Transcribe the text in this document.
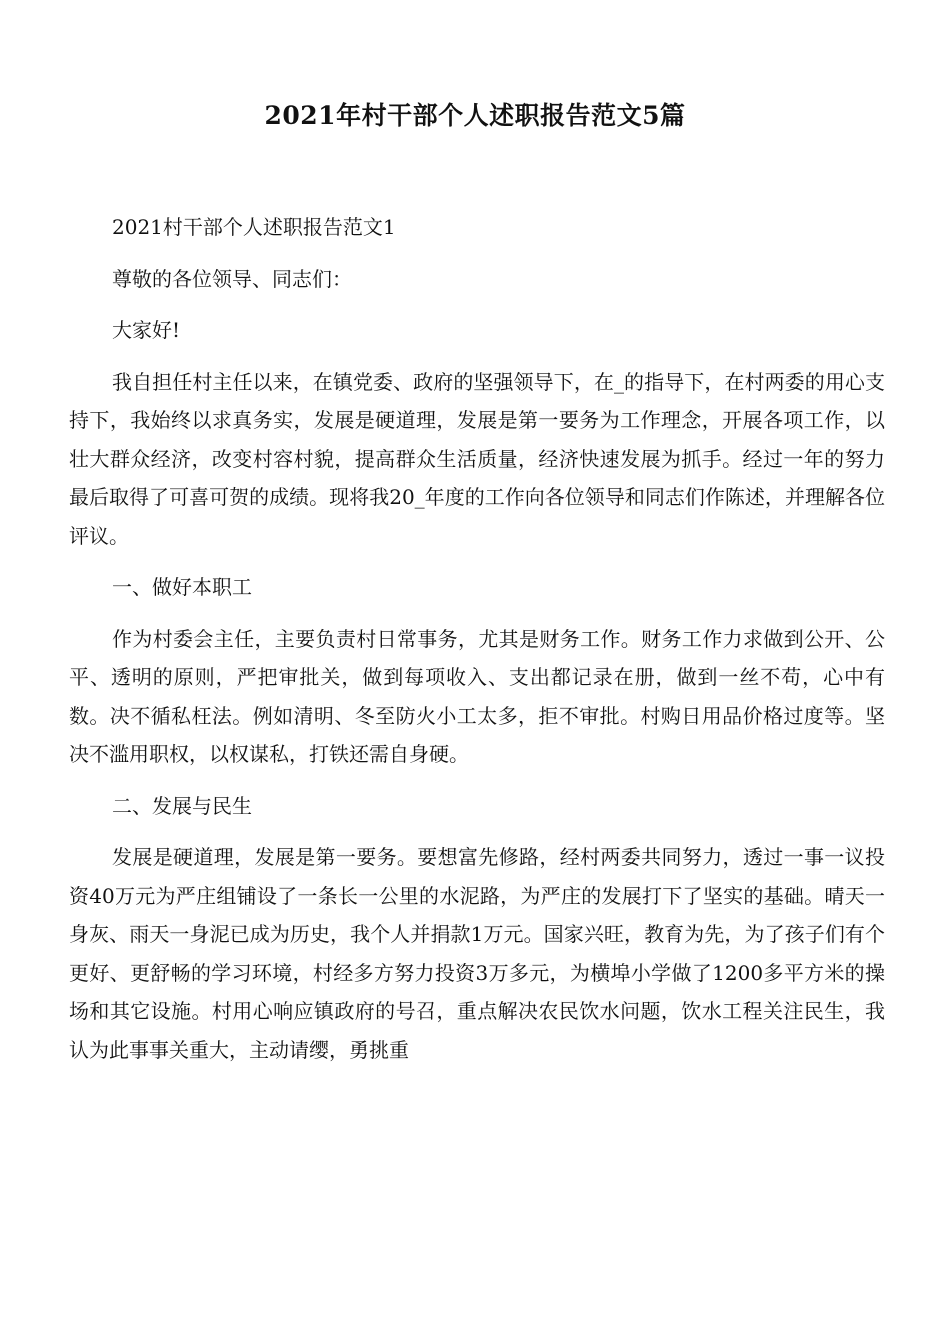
2021年村干部个人述职报告范文5篇

2021村干部个人述职报告范文1

尊敬的各位领导、同志们：

大家好!

我自担任村主任以来，在镇党委、政府的坚强领导下，在_的指导下，在村两委的用心支持下，我始终以求真务实，发展是硬道理，发展是第一要务为工作理念，开展各项工作，以壮大群众经济，改变村容村貌，提高群众生活质量，经济快速发展为抓手。经过一年的努力最后取得了可喜可贺的成绩。现将我20_年度的工作向各位领导和同志们作陈述，并理解各位评议。

一、做好本职工

作为村委会主任，主要负责村日常事务，尤其是财务工作。财务工作力求做到公开、公平、透明的原则，严把审批关，做到每项收入、支出都记录在册，做到一丝不苟，心中有数。决不循私枉法。例如清明、冬至防火小工太多，拒不审批。村购日用品价格过度等。坚决不滥用职权，以权谋私，打铁还需自身硬。

二、发展与民生

发展是硬道理，发展是第一要务。要想富先修路，经村两委共同努力，透过一事一议投资40万元为严庄组铺设了一条长一公里的水泥路，为严庄的发展打下了坚实的基础。晴天一身灰、雨天一身泥已成为历史，我个人并捐款1万元。国家兴旺，教育为先，为了孩子们有个更好、更舒畅的学习环境，村经多方努力投资3万多元，为横埠小学做了1200多平方米的操场和其它设施。村用心响应镇政府的号召，重点解决农民饮水问题，饮水工程关注民生，我认为此事事关重大，主动请缨，勇挑重
